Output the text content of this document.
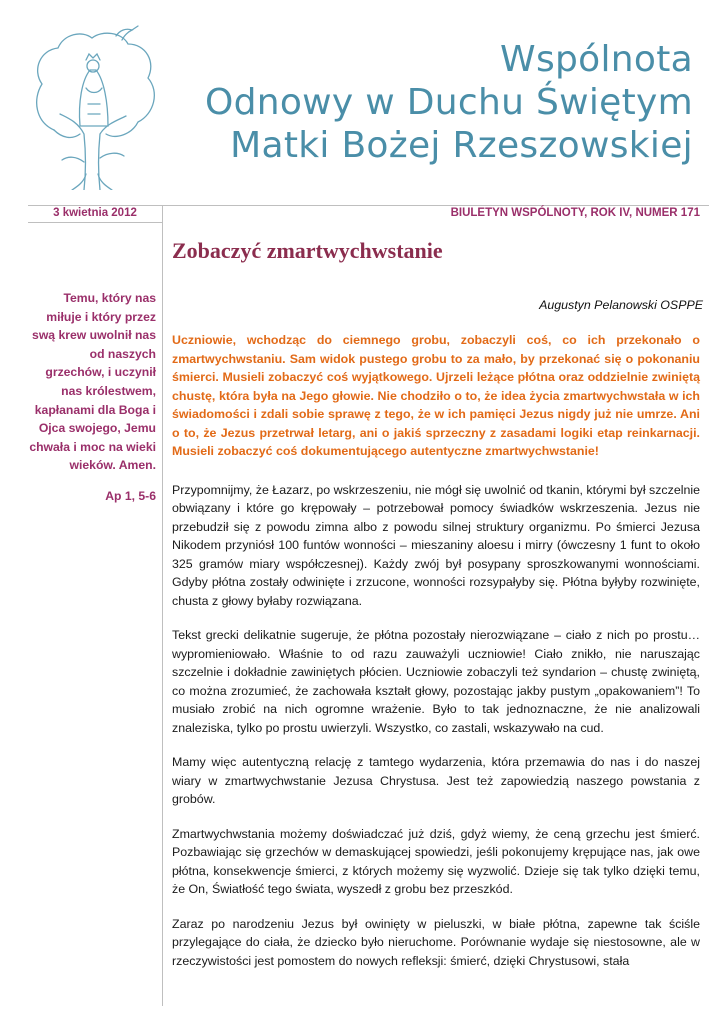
Wspólnota
Odnowy w Duchu Świętym
Matki Bożej Rzeszowskiej
3 kwietnia 2012	BIULETYN WSPÓLNOTY, ROK IV, NUMER 171
Temu, który nas miłuje i który przez swą krew uwolnił nas od naszych grzechów, i uczynił nas królestwem, kapłanami dla Boga i Ojca swojego, Jemu chwała i moc na wieki wieków. Amen.
Ap 1, 5-6
Zobaczyć zmartwychwstanie
Augustyn Pelanowski OSPPE

Uczniowie, wchodząc do ciemnego grobu, zobaczyli coś, co ich przekonało o zmartwychwstaniu. Sam widok pustego grobu to za mało, by przekonać się o pokonaniu śmierci. Musieli zobaczyć coś wyjątkowego. Ujrzeli leżące płótna oraz oddzielnie zwiniętą chustę, która była na Jego głowie. Nie chodziło o to, że idea życia zmartwychwstała w ich świadomości i zdali sobie sprawę z tego, że w ich pamięci Jezus nigdy już nie umrze. Ani o to, że Jezus przetrwał letarg, ani o jakiś sprzeczny z zasadami logiki etap reinkarnacji. Musieli zobaczyć coś dokumentującego autentyczne zmartwychwstanie!

Przypomnijmy, że Łazarz, po wskrzeszeniu, nie mógł się uwolnić od tkanin, którymi był szczelnie obwiązany i które go krępowały – potrzebował pomocy świadków wskrzeszenia. Jezus nie przebudził się z powodu zimna albo z powodu silnej struktury organizmu. Po śmierci Jezusa Nikodem przyniósł 100 funtów wonności – mieszaniny aloesu i mirry (ówczesny 1 funt to około 325 gramów miary współczesnej). Każdy zwój był posypany sproszkowanymi wonnościami. Gdyby płótna zostały odwinięte i zrzucone, wonności rozsypałyby się. Płótna byłyby rozwinięte, chusta z głowy byłaby rozwiązana.

Tekst grecki delikatnie sugeruje, że płótna pozostały nierozwiązane – ciało z nich po prostu… wypromieniowało. Właśnie to od razu zauważyli uczniowie! Ciało znikło, nie naruszając szczelnie i dokładnie zawiniętych płócien. Uczniowie zobaczyli też syndarion – chustę zwiniętą, co można zrozumieć, że zachowała kształt głowy, pozostając jakby pustym „opakowaniem”! To musiało zrobić na nich ogromne wrażenie. Było to tak jednoznaczne, że nie analizowali znaleziska, tylko po prostu uwierzyli. Wszystko, co zastali, wskazywało na cud.

Mamy więc autentyczną relację z tamtego wydarzenia, która przemawia do nas i do naszej wiary w zmartwychwstanie Jezusa Chrystusa. Jest też zapowiedzią naszego powstania z grobów.

Zmartwychwstania możemy doświadczać już dziś, gdyż wiemy, że ceną grzechu jest śmierć. Pozbawiając się grzechów w demaskującej spowiedzi, jeśli pokonujemy krępujące nas, jak owe płótna, konsekwencje śmierci, z których możemy się wyzwolić. Dzieje się tak tylko dzięki temu, że On, Światłość tego świata, wyszedł z grobu bez przeszkód.

Zaraz po narodzeniu Jezus był owinięty w pieluszki, w białe płótna, zapewne tak ściśle przylegające do ciała, że dziecko było nieruchome. Porównanie wydaje się niestosowne, ale w rzeczywistości jest pomostem do nowych refleksji: śmierć, dzięki Chrystusowi, stała
